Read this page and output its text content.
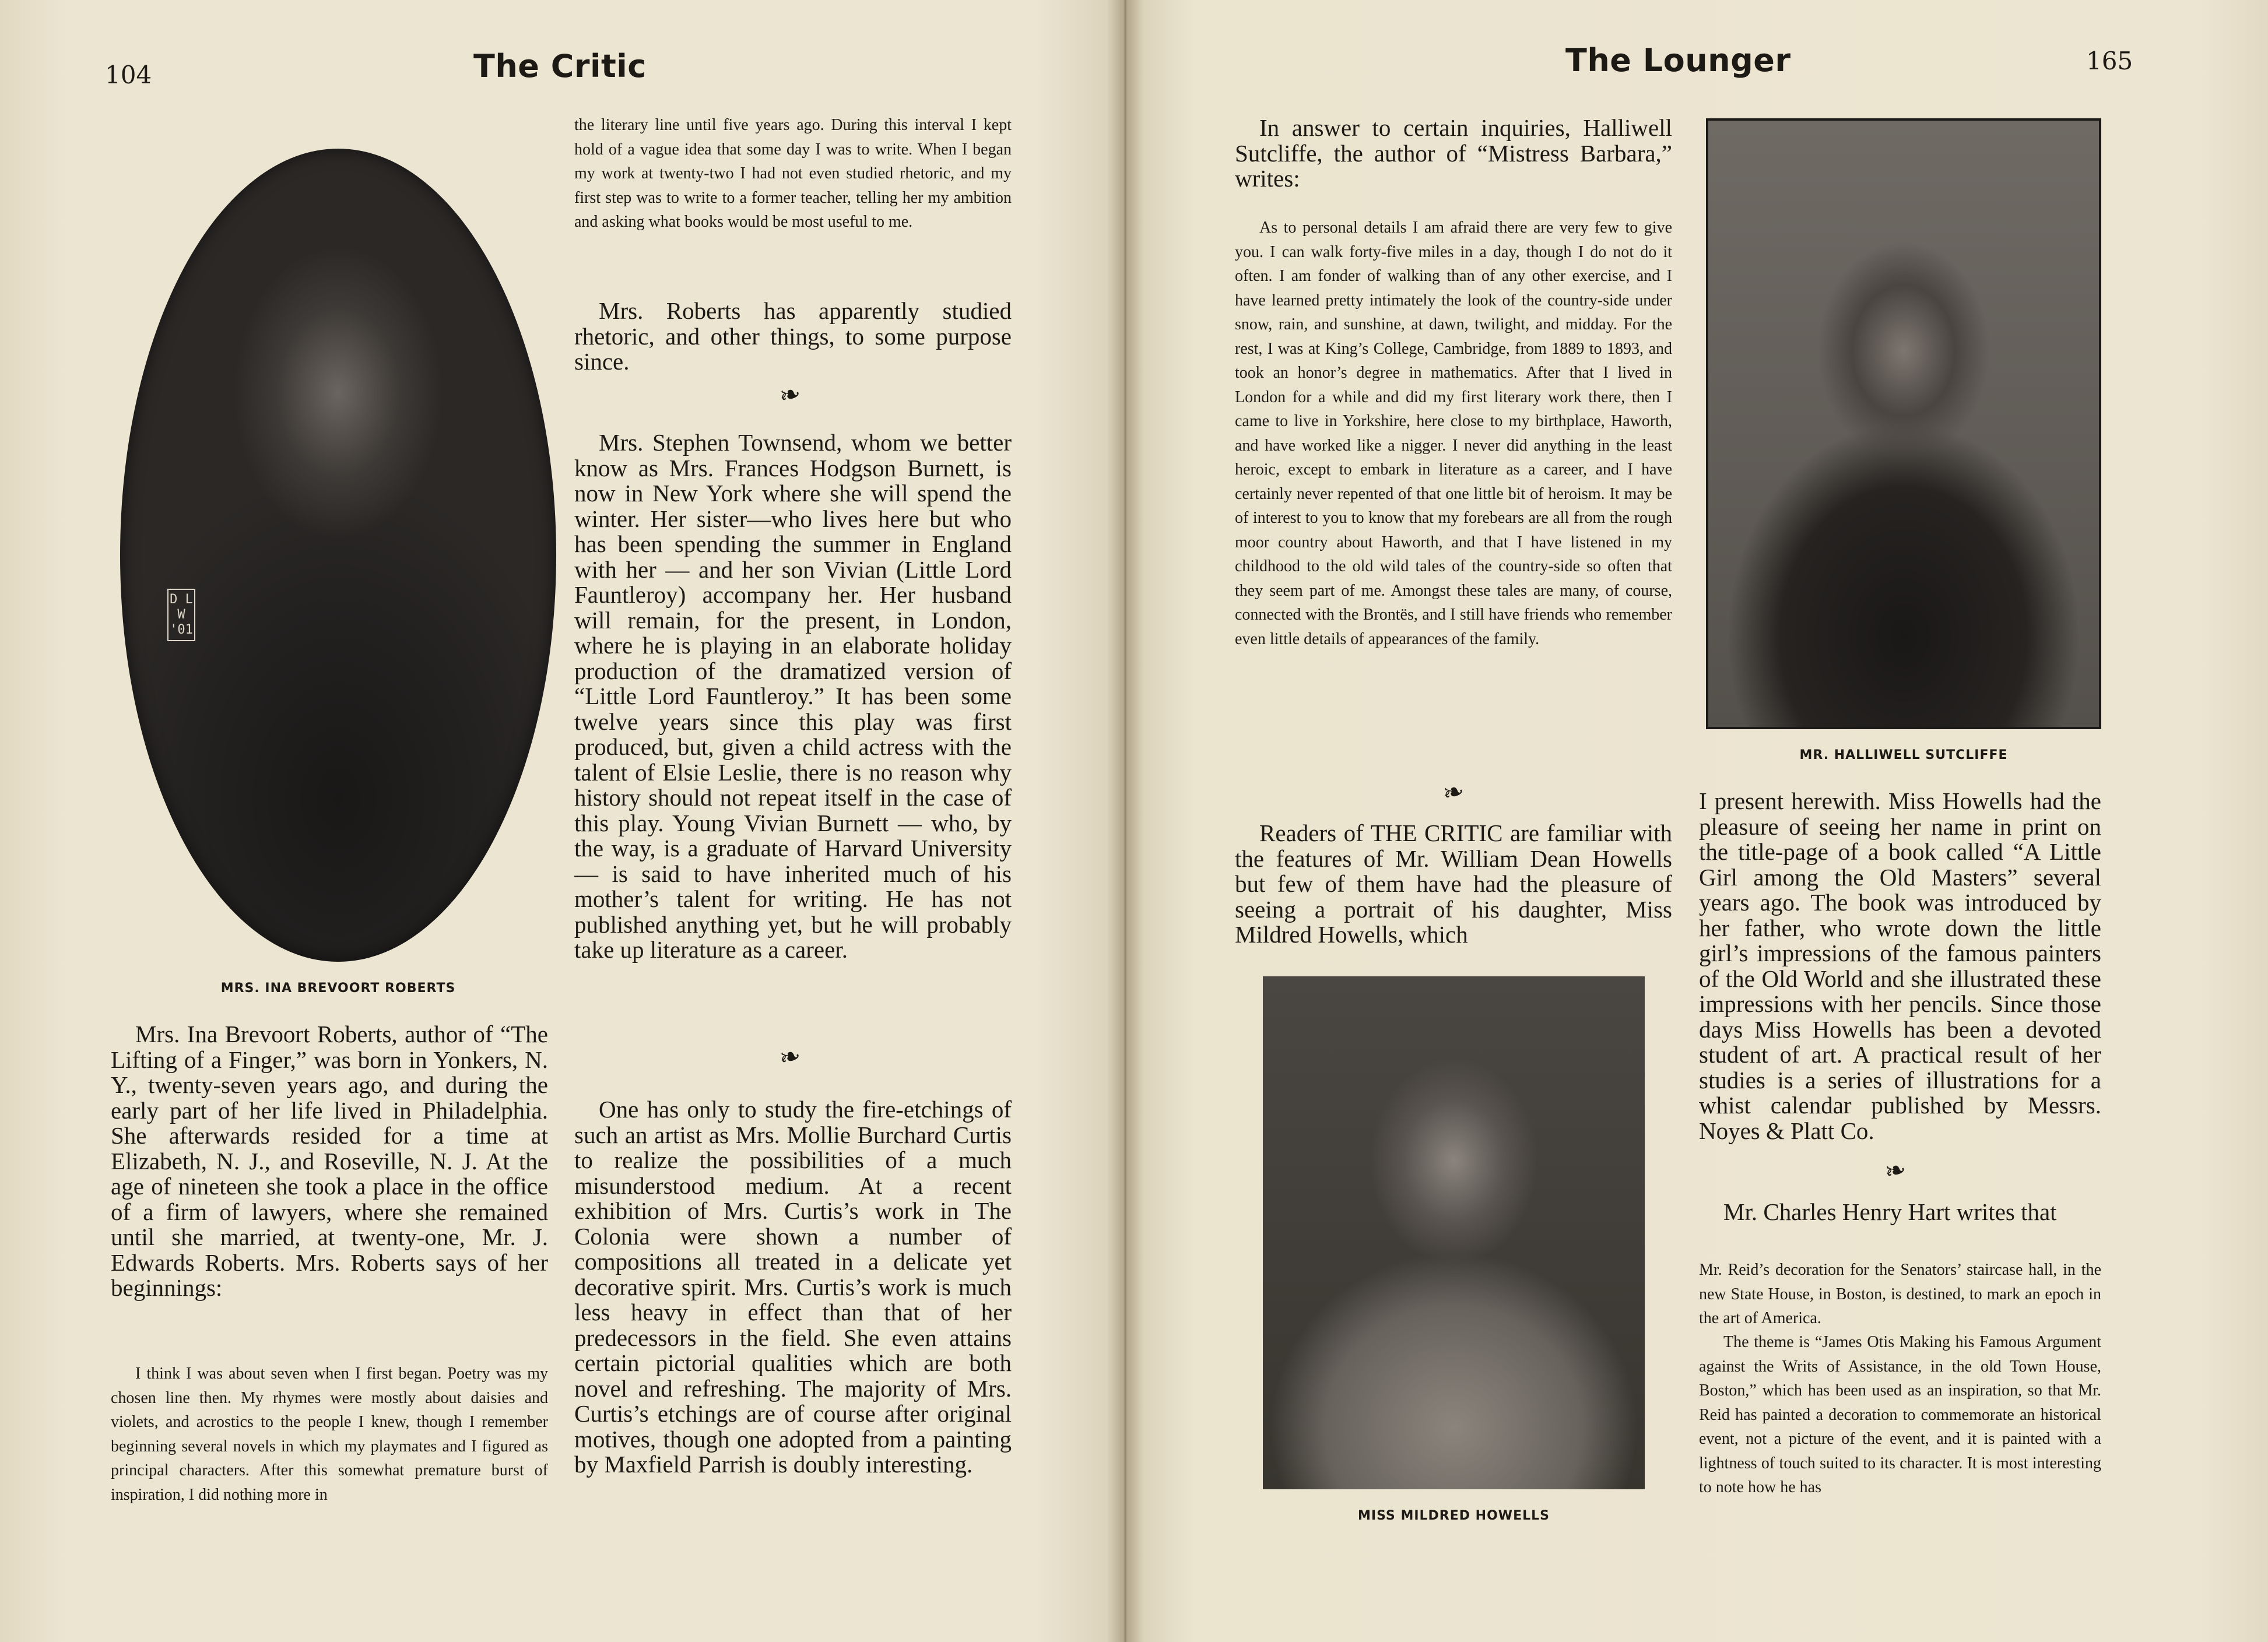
104	The Critic
D L W '01

MRS. INA BREVOORT ROBERTS

Mrs. Ina Brevoort Roberts, author of “The Lifting of a Finger,” was born in Yonkers, N. Y., twenty-seven years ago, and during the early part of her life lived in Philadelphia. She afterwards resided for a time at Elizabeth, N. J., and Roseville, N. J. At the age of nineteen she took a place in the office of a firm of lawyers, where she remained until she married, at twenty-one, Mr. J. Edwards Roberts. Mrs. Roberts says of her beginnings:

I think I was about seven when I first began. Poetry was my chosen line then. My rhymes were mostly about daisies and violets, and acrostics to the people I knew, though I remember beginning several novels in which my playmates and I figured as principal characters. After this somewhat premature burst of inspiration, I did nothing more in

the literary line until five years ago. During this interval I kept hold of a vague idea that some day I was to write. When I began my work at twenty-two I had not even studied rhetoric, and my first step was to write to a former teacher, telling her my ambition and asking what books would be most useful to me.

Mrs. Roberts has apparently studied rhetoric, and other things, to some purpose since.

❧

Mrs. Stephen Townsend, whom we better know as Mrs. Frances Hodgson Burnett, is now in New York where she will spend the winter. Her sister—who lives here but who has been spending the summer in England with her — and her son Vivian (Little Lord Fauntleroy) accompany her. Her husband will remain, for the present, in London, where he is playing in an elaborate holiday production of the dramatized version of “Little Lord Fauntleroy.” It has been some twelve years since this play was first produced, but, given a child actress with the talent of Elsie Leslie, there is no reason why history should not repeat itself in the case of this play. Young Vivian Burnett — who, by the way, is a graduate of Harvard University — is said to have inherited much of his mother’s talent for writing. He has not published anything yet, but he will probably take up literature as a career.

❧

One has only to study the fire-etchings of such an artist as Mrs. Mollie Burchard Curtis to realize the possibilities of a much misunderstood medium. At a recent exhibition of Mrs. Curtis’s work in The Colonia were shown a number of compositions all treated in a delicate yet decorative spirit. Mrs. Curtis’s work is much less heavy in effect than that of her predecessors in the field. She even attains certain pictorial qualities which are both novel and refreshing. The majority of Mrs. Curtis’s etchings are of course after original motives, though one adopted from a painting by Maxfield Parrish is doubly interesting.

The Lounger	165

In answer to certain inquiries, Halliwell Sutcliffe, the author of “Mistress Barbara,” writes:

As to personal details I am afraid there are very few to give you. I can walk forty-five miles in a day, though I do not do it often. I am fonder of walking than of any other exercise, and I have learned pretty intimately the look of the country-side under snow, rain, and sunshine, at dawn, twilight, and midday. For the rest, I was at King’s College, Cambridge, from 1889 to 1893, and took an honor’s degree in mathematics. After that I lived in London for a while and did my first literary work there, then I came to live in Yorkshire, here close to my birthplace, Haworth, and have worked like a nigger. I never did anything in the least heroic, except to embark in literature as a career, and I have certainly never repented of that one little bit of heroism. It may be of interest to you to know that my forebears are all from the rough moor country about Haworth, and that I have listened in my childhood to the old wild tales of the country-side so often that they seem part of me. Amongst these tales are many, of course, connected with the Brontës, and I still have friends who remember even little details of appearances of the family.

❧

Readers of THE CRITIC are familiar with the features of Mr. William Dean Howells but few of them have had the pleasure of seeing a portrait of his daughter, Miss Mildred Howells, which

MISS MILDRED HOWELLS

MR. HALLIWELL SUTCLIFFE

I present herewith. Miss Howells had the pleasure of seeing her name in print on the title-page of a book called “A Little Girl among the Old Masters” several years ago. The book was introduced by her father, who wrote down the little girl’s impressions of the famous painters of the Old World and she illustrated these impressions with her pencils. Since those days Miss Howells has been a devoted student of art. A practical result of her studies is a series of illustrations for a whist calendar published by Messrs. Noyes & Platt Co.

❧

Mr. Charles Henry Hart writes that

Mr. Reid’s decoration for the Senators’ staircase hall, in the new State House, in Boston, is destined, to mark an epoch in the art of America.

The theme is “James Otis Making his Famous Argument against the Writs of Assistance, in the old Town House, Boston,” which has been used as an inspiration, so that Mr. Reid has painted a decoration to commemorate an historical event, not a picture of the event, and it is painted with a lightness of touch suited to its character. It is most interesting to note how he has
